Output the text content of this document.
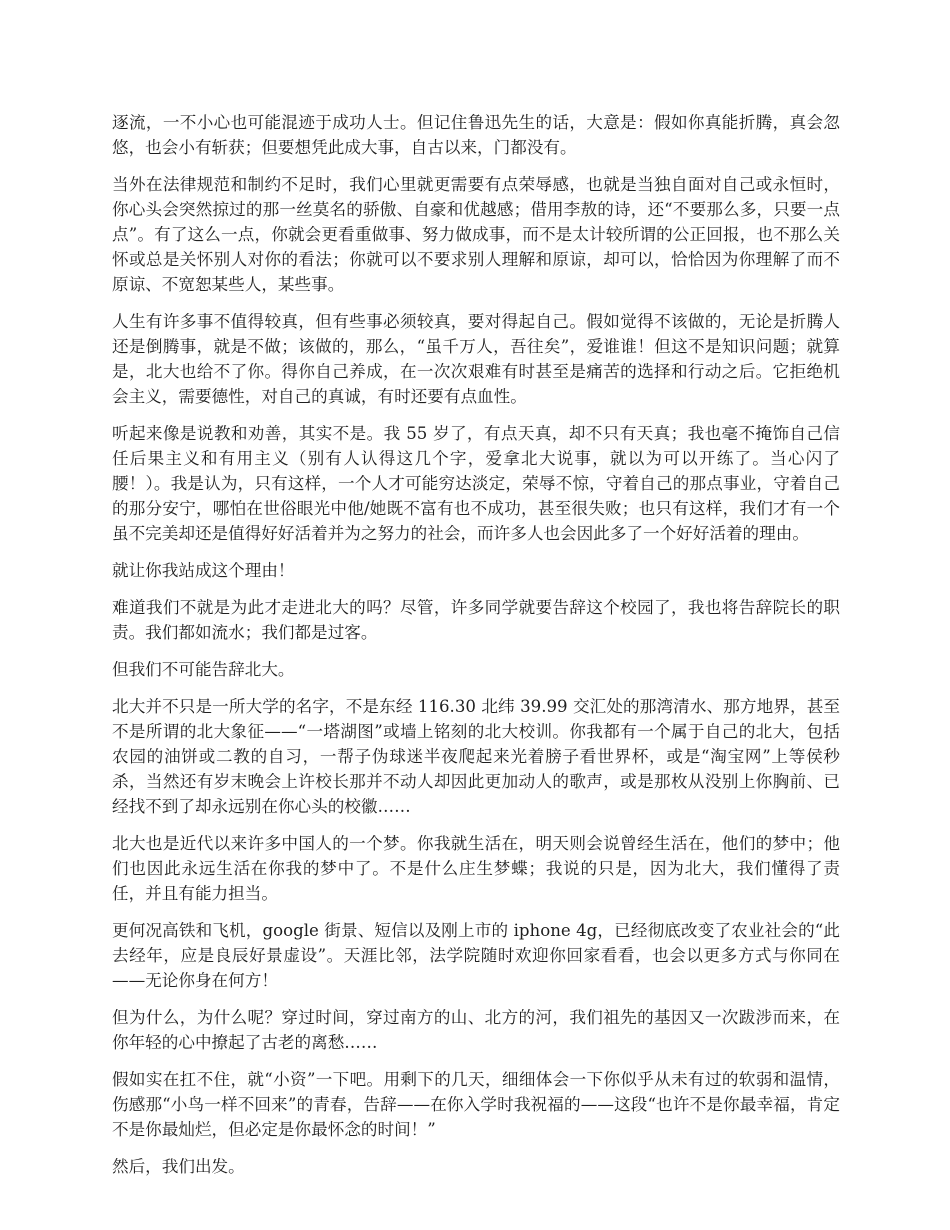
逐流，一不小心也可能混迹于成功人士。但记住鲁迅先生的话，大意是：假如你真能折腾，真会忽悠，也会小有斩获；但要想凭此成大事，自古以来，门都没有。

当外在法律规范和制约不足时，我们心里就更需要有点荣辱感，也就是当独自面对自己或永恒时，你心头会突然掠过的那一丝莫名的骄傲、自豪和优越感；借用李敖的诗，还“不要那么多，只要一点点”。有了这么一点，你就会更看重做事、努力做成事，而不是太计较所谓的公正回报，也不那么关怀或总是关怀别人对你的看法；你就可以不要求别人理解和原谅，却可以，恰恰因为你理解了而不原谅、不宽恕某些人，某些事。

人生有许多事不值得较真，但有些事必须较真，要对得起自己。假如觉得不该做的，无论是折腾人还是倒腾事，就是不做；该做的，那么，“虽千万人，吾往矣”，爱谁谁！但这不是知识问题；就算是，北大也给不了你。得你自己养成，在一次次艰难有时甚至是痛苦的选择和行动之后。它拒绝机会主义，需要德性，对自己的真诚，有时还要有点血性。

听起来像是说教和劝善，其实不是。我 55 岁了，有点天真，却不只有天真；我也毫不掩饰自己信任后果主义和有用主义（别有人认得这几个字，爱拿北大说事，就以为可以开练了。当心闪了腰！）。我是认为，只有这样，一个人才可能穷达淡定，荣辱不惊，守着自己的那点事业，守着自己的那分安宁，哪怕在世俗眼光中他/她既不富有也不成功，甚至很失败；也只有这样，我们才有一个虽不完美却还是值得好好活着并为之努力的社会，而许多人也会因此多了一个好好活着的理由。

就让你我站成这个理由！

难道我们不就是为此才走进北大的吗？尽管，许多同学就要告辞这个校园了，我也将告辞院长的职责。我们都如流水；我们都是过客。

但我们不可能告辞北大。

北大并不只是一所大学的名字，不是东经 116.30 北纬 39.99 交汇处的那湾清水、那方地界，甚至不是所谓的北大象征——“一塔湖图”或墙上铭刻的北大校训。你我都有一个属于自己的北大，包括农园的油饼或二教的自习，一帮子伪球迷半夜爬起来光着膀子看世界杯，或是“淘宝网”上等侯秒杀，当然还有岁末晚会上许校长那并不动人却因此更加动人的歌声，或是那枚从没别上你胸前、已经找不到了却永远别在你心头的校徽……

北大也是近代以来许多中国人的一个梦。你我就生活在，明天则会说曾经生活在，他们的梦中；他们也因此永远生活在你我的梦中了。不是什么庄生梦蝶；我说的只是，因为北大，我们懂得了责任，并且有能力担当。

更何况高铁和飞机，google 街景、短信以及刚上市的 iphone 4g，已经彻底改变了农业社会的“此去经年，应是良辰好景虚设”。天涯比邻，法学院随时欢迎你回家看看，也会以更多方式与你同在——无论你身在何方！

但为什么，为什么呢？穿过时间，穿过南方的山、北方的河，我们祖先的基因又一次跋涉而来，在你年轻的心中撩起了古老的离愁……

假如实在扛不住，就“小资”一下吧。用剩下的几天，细细体会一下你似乎从未有过的软弱和温情，伤感那“小鸟一样不回来”的青春，告辞——在你入学时我祝福的——这段“也许不是你最幸福，肯定不是你最灿烂，但必定是你最怀念的时间！”

然后，我们出发。
